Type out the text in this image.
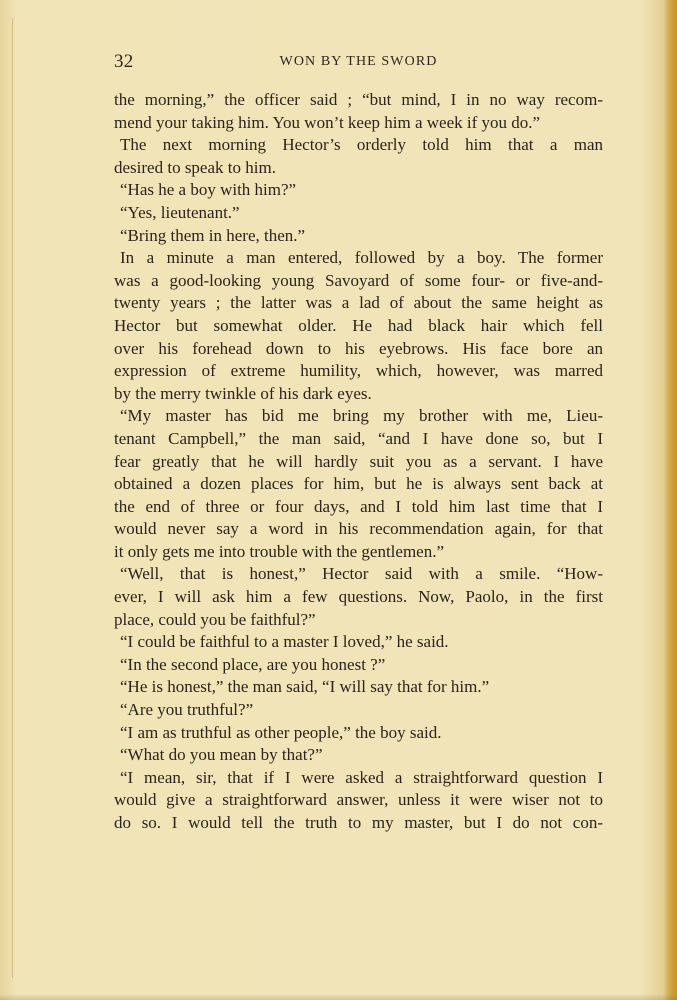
32	WON BY THE SWORD
the morning,” the officer said ; “but mind, I in no way recom-
mend your taking him. You won’t keep him a week if you do.”
The next morning Hector’s orderly told him that a man
desired to speak to him.
“Has he a boy with him?”
“Yes, lieutenant.”
“Bring them in here, then.”
In a minute a man entered, followed by a boy. The former
was a good-looking young Savoyard of some four- or five-and-
twenty years ; the latter was a lad of about the same height as
Hector but somewhat older. He had black hair which fell
over his forehead down to his eyebrows. His face bore an
expression of extreme humility, which, however, was marred
by the merry twinkle of his dark eyes.
“My master has bid me bring my brother with me, Lieu-
tenant Campbell,” the man said, “and I have done so, but I
fear greatly that he will hardly suit you as a servant. I have
obtained a dozen places for him, but he is always sent back at
the end of three or four days, and I told him last time that I
would never say a word in his recommendation again, for that
it only gets me into trouble with the gentlemen.”
“Well, that is honest,” Hector said with a smile. “How-
ever, I will ask him a few questions. Now, Paolo, in the first
place, could you be faithful?”
“I could be faithful to a master I loved,” he said.
“In the second place, are you honest ?”
“He is honest,” the man said, “I will say that for him.”
“Are you truthful?”
“I am as truthful as other people,” the boy said.
“What do you mean by that?”
“I mean, sir, that if I were asked a straightforward question I
would give a straightforward answer, unless it were wiser not to
do so. I would tell the truth to my master, but I do not con-
